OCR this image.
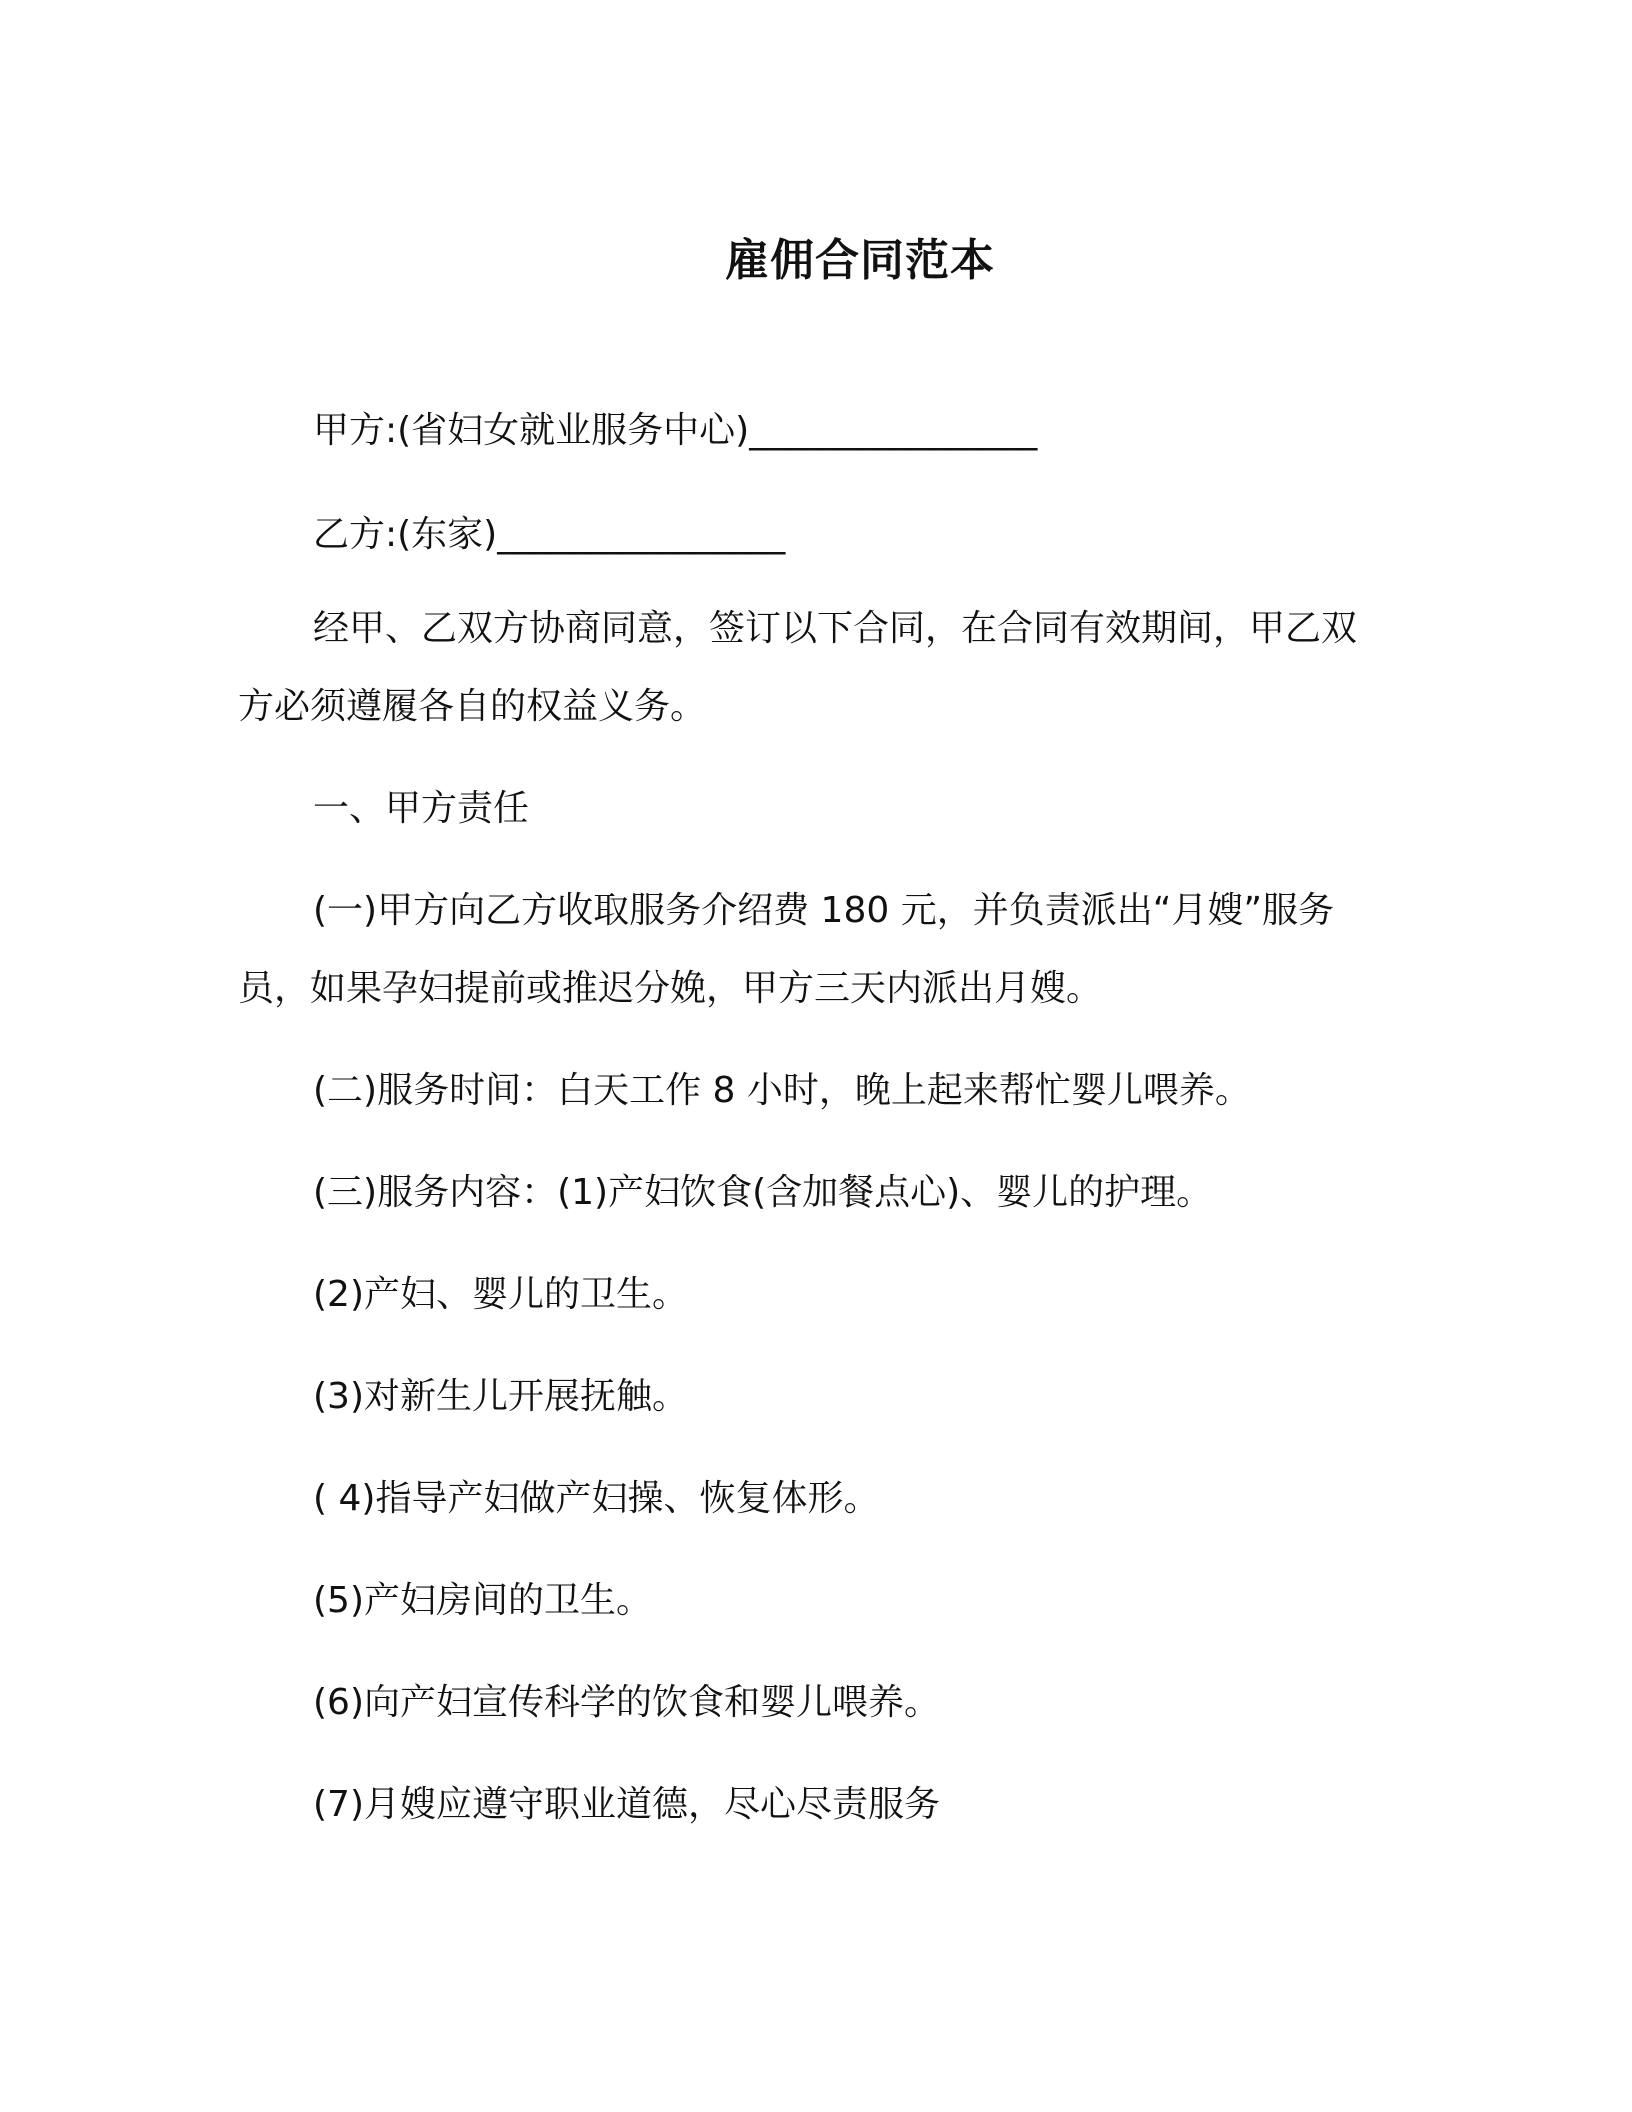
雇佣合同范本
甲方:(省妇女就业服务中心)________________
乙方:(东家)________________
经甲、乙双方协商同意，签订以下合同，在合同有效期间，甲乙双方必须遵履各自的权益义务。
一、甲方责任
(一)甲方向乙方收取服务介绍费 180 元，并负责派出“月嫂”服务员，如果孕妇提前或推迟分娩，甲方三天内派出月嫂。
(二)服务时间：白天工作 8 小时，晚上起来帮忙婴儿喂养。
(三)服务内容：(1)产妇饮食(含加餐点心)、婴儿的护理。
(2)产妇、婴儿的卫生。
(3)对新生儿开展抚触。
( 4)指导产妇做产妇操、恢复体形。
(5)产妇房间的卫生。
(6)向产妇宣传科学的饮食和婴儿喂养。
(7)月嫂应遵守职业道德，尽心尽责服务
